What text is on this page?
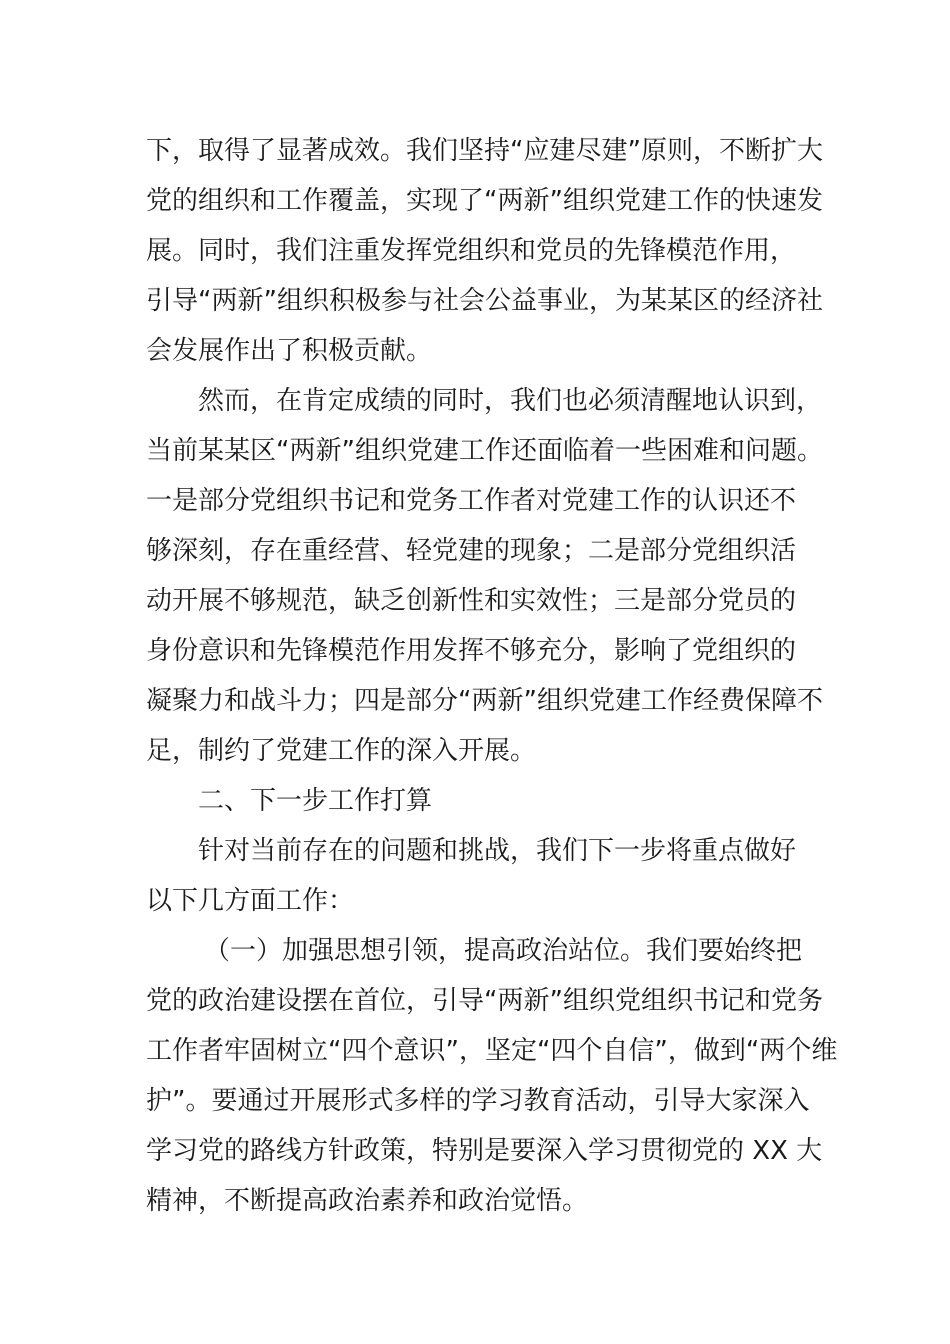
下，取得了显著成效。我们坚持“应建尽建”原则，不断扩大
党的组织和工作覆盖，实现了“两新”组织党建工作的快速发
展。同时，我们注重发挥党组织和党员的先锋模范作用，
引导“两新”组织积极参与社会公益事业，为某某区的经济社
会发展作出了积极贡献。
然而，在肯定成绩的同时，我们也必须清醒地认识到，
当前某某区“两新”组织党建工作还面临着一些困难和问题。
一是部分党组织书记和党务工作者对党建工作的认识还不
够深刻，存在重经营、轻党建的现象；二是部分党组织活
动开展不够规范，缺乏创新性和实效性；三是部分党员的
身份意识和先锋模范作用发挥不够充分，影响了党组织的
凝聚力和战斗力；四是部分“两新”组织党建工作经费保障不
足，制约了党建工作的深入开展。
二、下一步工作打算
针对当前存在的问题和挑战，我们下一步将重点做好
以下几方面工作：
（一）加强思想引领，提高政治站位。我们要始终把
党的政治建设摆在首位，引导“两新”组织党组织书记和党务
工作者牢固树立“四个意识”，坚定“四个自信”，做到“两个维
护”。要通过开展形式多样的学习教育活动，引导大家深入
学习党的路线方针政策，特别是要深入学习贯彻党的 XX 大
精神，不断提高政治素养和政治觉悟。
